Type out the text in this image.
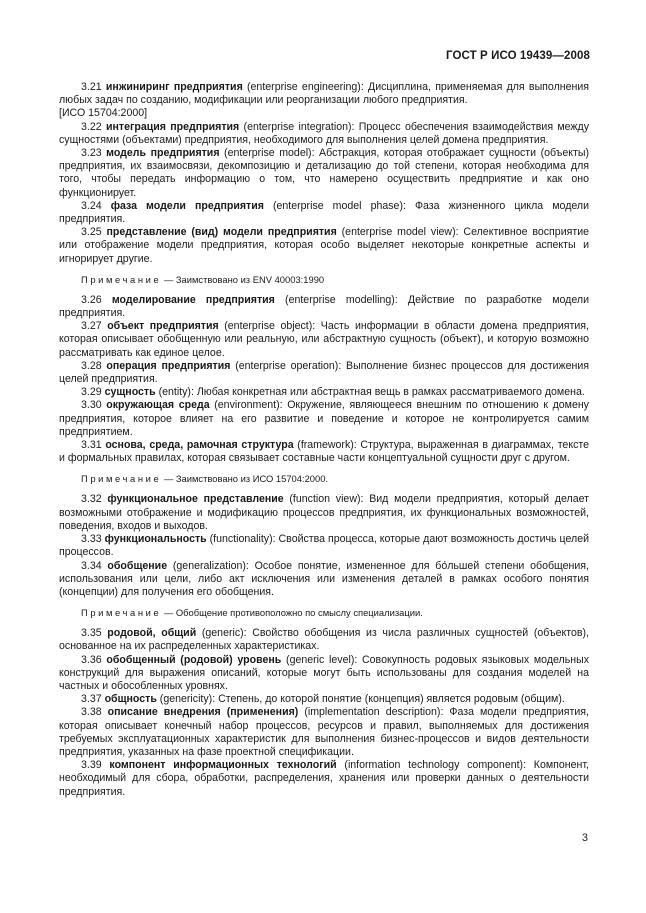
ГОСТ Р ИСО 19439—2008

3.21 инжиниринг предприятия (enterprise engineering): Дисциплина, применяемая для выполнения любых задач по созданию, модификации или реорганизации любого предприятия.

[ИСО 15704:2000]

3.22 интеграция предприятия (enterprise integration): Процесс обеспечения взаимодействия между сущностями (объектами) предприятия, необходимого для выполнения целей домена предприятия.

3.23 модель предприятия (enterprise model): Абстракция, которая отображает сущности (объекты) предприятия, их взаимосвязи, декомпозицию и детализацию до той степени, которая необходима для того, чтобы передать информацию о том, что намерено осуществить предприятие и как оно функционирует.

3.24 фаза модели предприятия (enterprise model phase): Фаза жизненного цикла модели предприятия.

3.25 представление (вид) модели предприятия (enterprise model view): Селективное восприятие или отображение модели предприятия, которая особо выделяет некоторые конкретные аспекты и игнорирует другие.

Примечание — Заимствовано из ENV 40003:1990

3.26 моделирование предприятия (enterprise modelling): Действие по разработке модели предприятия.

3.27 объект предприятия (enterprise object): Часть информации в области домена предприятия, которая описывает обобщенную или реальную, или абстрактную сущность (объект), и которую возможно рассматривать как единое целое.

3.28 операция предприятия (enterprise operation): Выполнение бизнес процессов для достижения целей предприятия.

3.29 сущность (entity): Любая конкретная или абстрактная вещь в рамках рассматриваемого домена.

3.30 окружающая среда (environment): Окружение, являющееся внешним по отношению к домену предприятия, которое влияет на его развитие и поведение и которое не контролируется самим предприятием.

3.31 основа, среда, рамочная структура (framework): Структура, выраженная в диаграммах, тексте и формальных правилах, которая связывает составные части концептуальной сущности друг с другом.

Примечание — Заимствовано из ИСО 15704:2000.

3.32 функциональное представление (function view): Вид модели предприятия, который делает возможными отображение и модификацию процессов предприятия, их функциональных возможностей, поведения, входов и выходов.

3.33 функциональность (functionality): Свойства процесса, которые дают возможность достичь целей процессов.

3.34 обобщение (generalization): Особое понятие, измененное для бо́льшей степени обобщения, использования или цели, либо акт исключения или изменения деталей в рамках особого понятия (концепции) для получения его обобщения.

Примечание — Обобщение противоположно по смыслу специализации.

3.35 родовой, общий (generic): Свойство обобщения из числа различных сущностей (объектов), основанное на их распределенных характеристиках.

3.36 обобщенный (родовой) уровень (generic level): Совокупность родовых языковых модельных конструкций для выражения описаний, которые могут быть использованы для создания моделей на частных и обособленных уровнях.

3.37 общность (genericity): Степень, до которой понятие (концепция) является родовым (общим).

3.38 описание внедрения (применения) (implementation description): Фаза модели предприятия, которая описывает конечный набор процессов, ресурсов и правил, выполняемых для достижения требуемых эксплуатационных характеристик для выполнения бизнес-процессов и видов деятельности предприятия, указанных на фазе проектной спецификации.

3.39 компонент информационных технологий (information technology component): Компонент, необходимый для сбора, обработки, распределения, хранения или проверки данных о деятельности предприятия.

3
